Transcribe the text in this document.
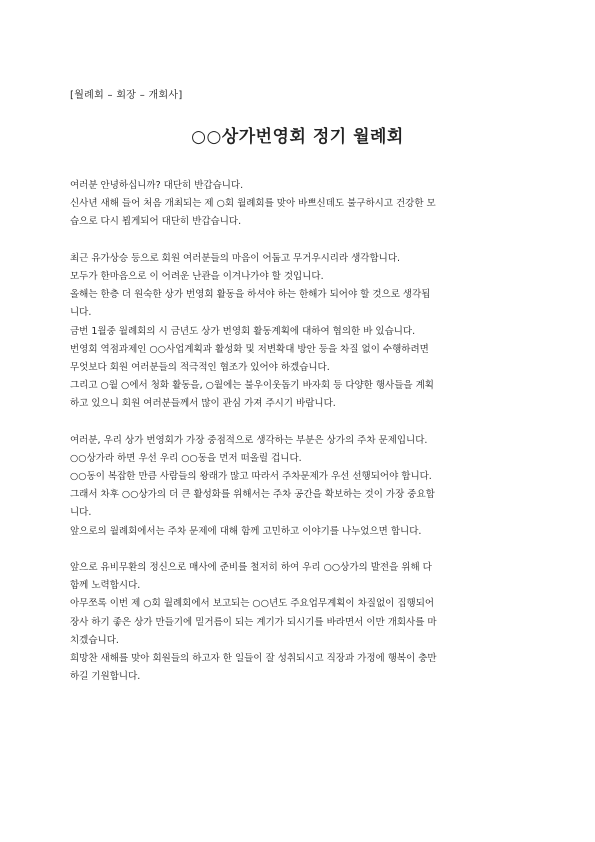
[월례회 – 회장 – 개회사]
○○상가번영회 정기 월례회
여러분 안녕하십니까? 대단히 반갑습니다.
신사년 새해 들어 처음 개최되는 제 ○회 월례회를 맞아 바쁘신데도 불구하시고 건강한 모
습으로 다시 뵙게되어 대단히 반갑습니다.
최근 유가상승 등으로 회원 여러분들의 마음이 어둡고 무거우시리라 생각합니다.
모두가 한마음으로 이 어려운 난관을 이겨나가야 할 것입니다.
올해는 한층 더 원숙한 상가 번영회 활동을 하셔야 하는 한해가 되어야 할 것으로 생각됩
니다.
금번 1월중 월례회의 시 금년도 상가 번영회 활동계획에 대하여 협의한 바 있습니다.
번영회 역점과제인 ○○사업계획과 활성화 및 저변확대 방안 등을 차질 없이 수행하려면
무엇보다 회원 여러분들의 적극적인 협조가 있어야 하겠습니다.
그리고 ○월 ○에서 청화 활동을, ○월에는 불우이웃돕기 바자회 등 다양한 행사들을 계획
하고 있으니 회원 여러분들께서 많이 관심 가져 주시기 바랍니다.
여러분, 우리 상가 번영회가 가장 중점적으로 생각하는 부분은 상가의 주차 문제입니다.
○○상가라 하면 우선 우리 ○○동을 먼저 떠올릴 겁니다.
○○동이 복잡한 만큼 사람들의 왕래가 많고 따라서 주차문제가 우선 선행되어야 합니다.
그래서 차후 ○○상가의 더 큰 활성화를 위해서는 주차 공간을 확보하는 것이 가장 중요합
니다.
앞으로의 월례회에서는 주차 문제에 대해 함께 고민하고 이야기를 나누었으면 합니다.
앞으로 유비무환의 정신으로 매사에 준비를 철저히 하여 우리 ○○상가의 발전을 위해 다
함께 노력합시다.
아무쪼록 이번 제 ○회 월례회에서 보고되는 ○○년도 주요업무계획이 차질없이 집행되어
장사 하기 좋은 상가 만들기에 밑거름이 되는 계기가 되시기를 바라면서 이만 개회사를 마
치겠습니다.
희망찬 새해를 맞아 회원들의 하고자 한 일들이 잘 성취되시고 직장과 가정에 행복이 충만
하길 기원합니다.
